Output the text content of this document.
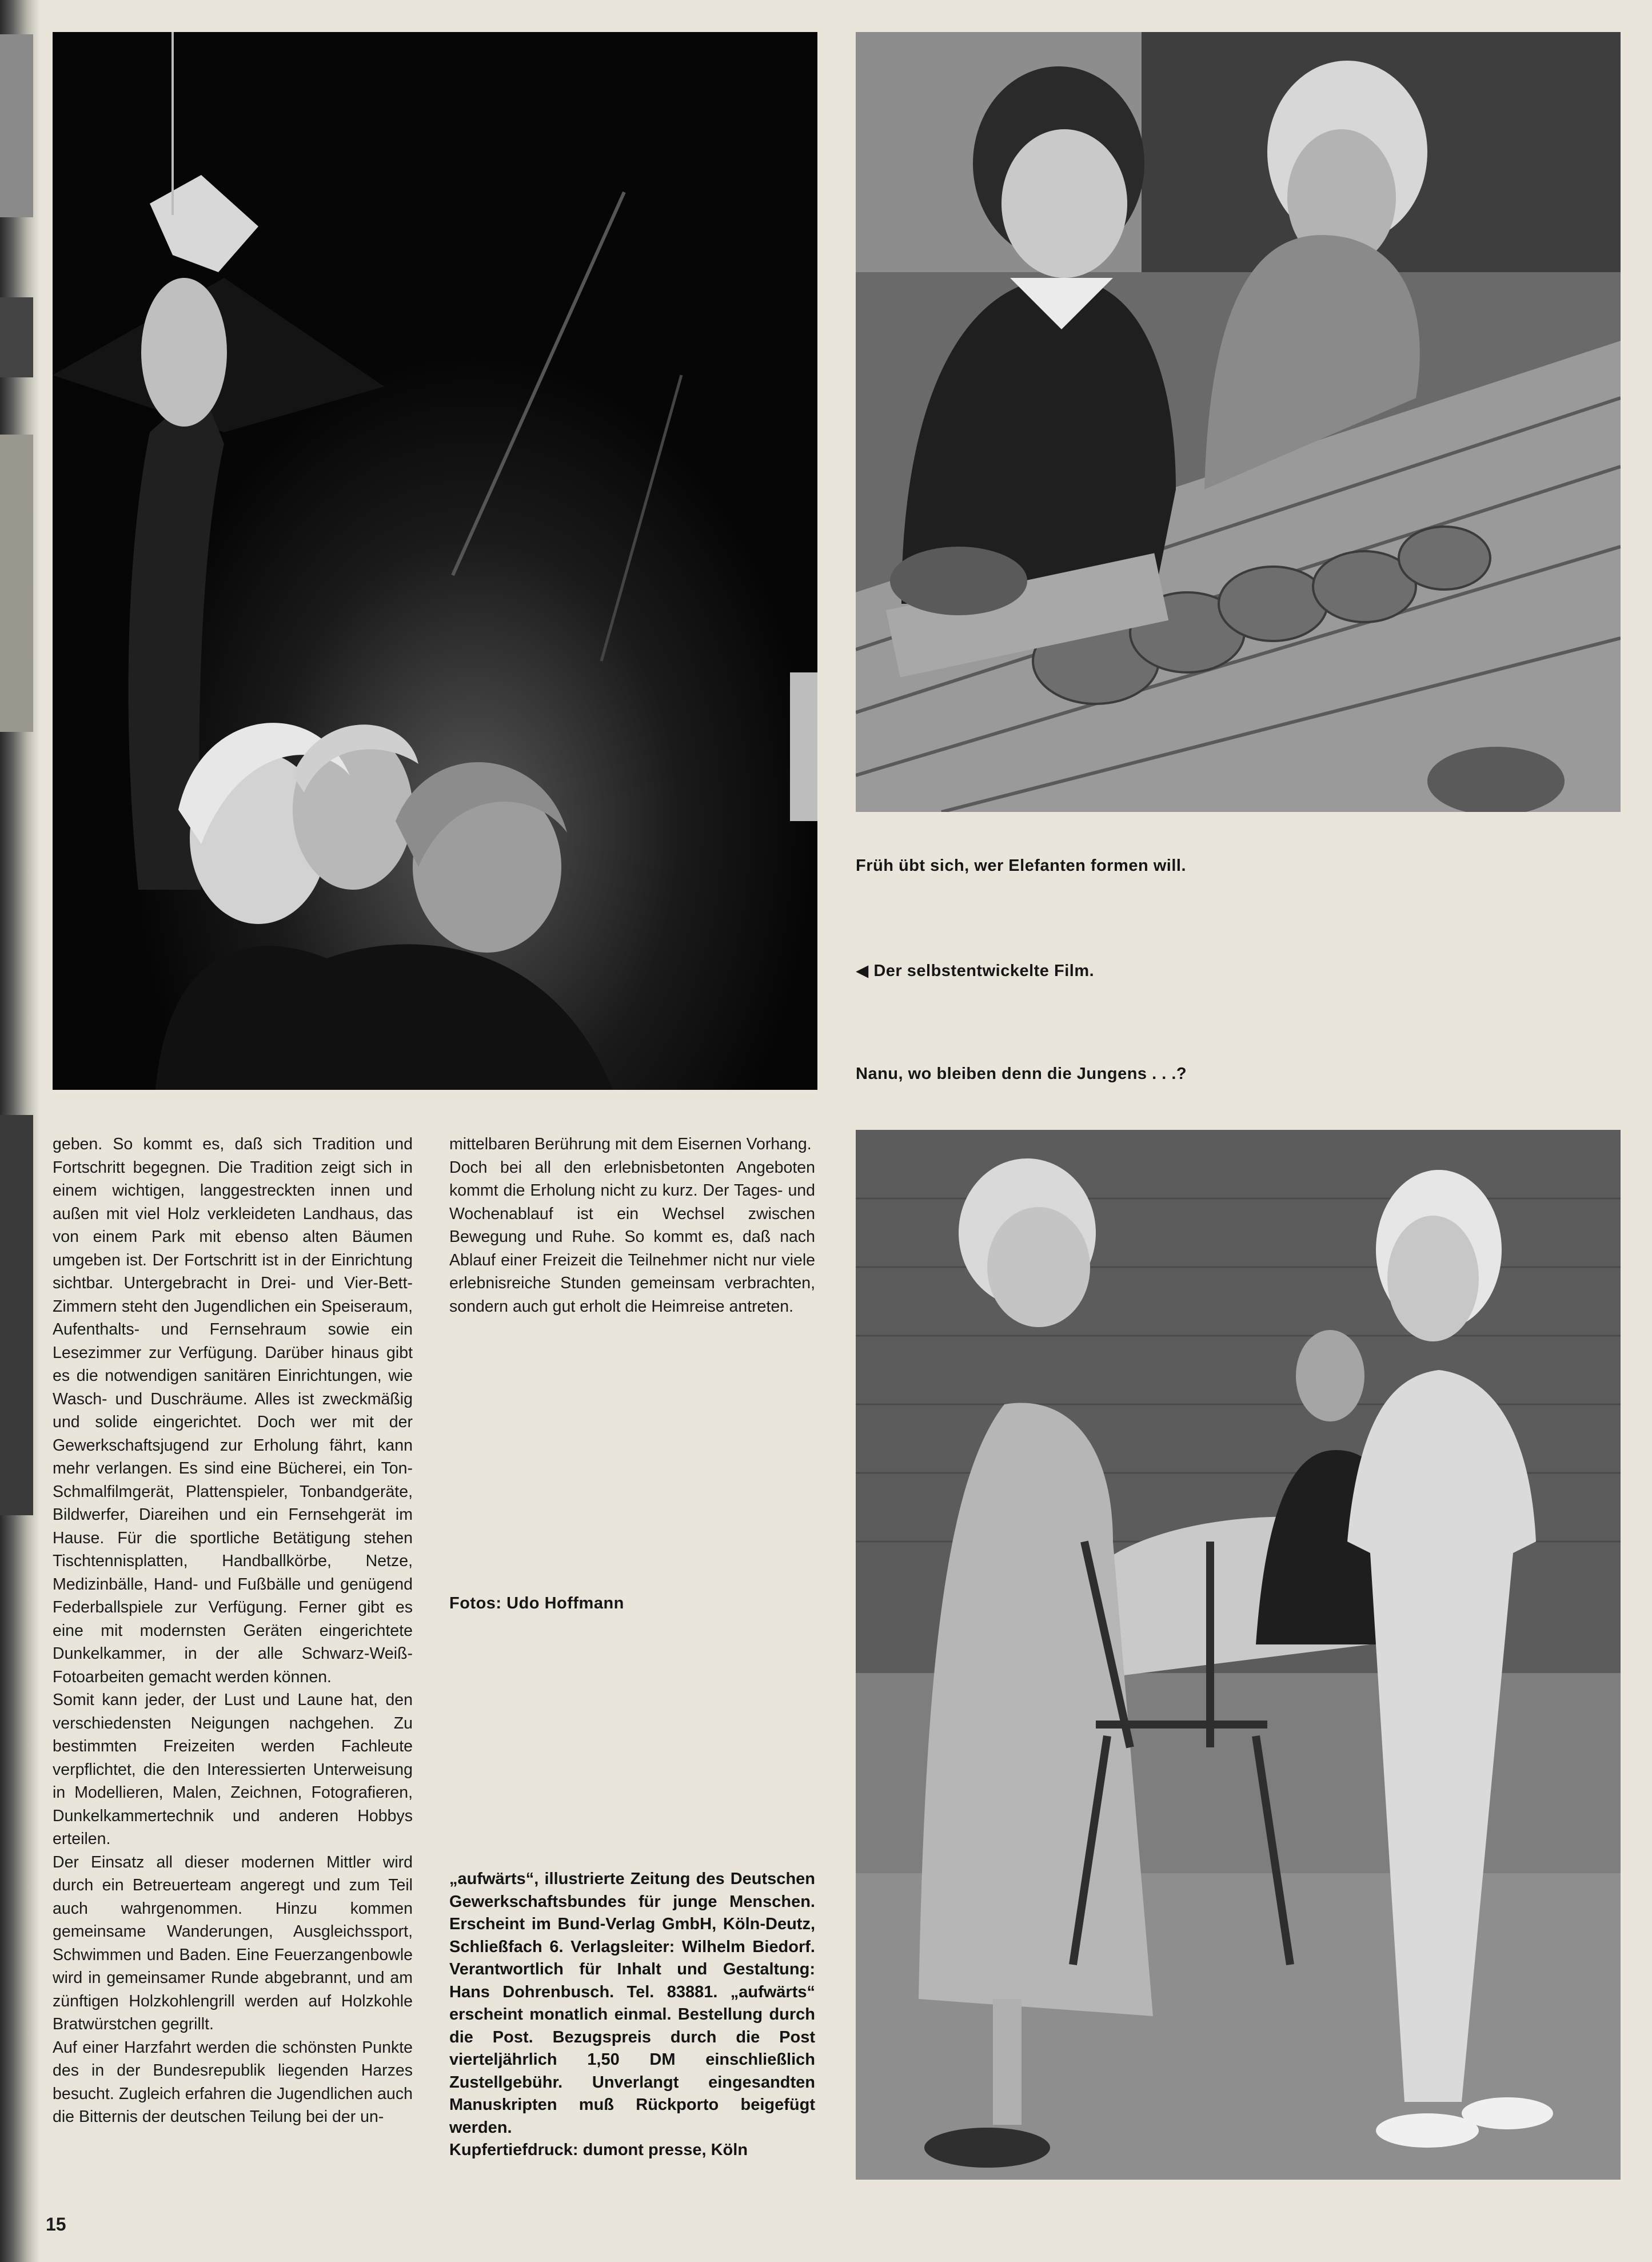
Früh übt sich, wer Elefanten formen will.
◀ Der selbstentwickelte Film.
Nanu, wo bleiben denn die Jungens . . .?

geben. So kommt es, daß sich Tradition und Fortschritt begegnen. Die Tradition zeigt sich in einem wichtigen, langgestreckten innen und außen mit viel Holz verkleideten Landhaus, das von einem Park mit ebenso alten Bäumen umgeben ist. Der Fortschritt ist in der Einrichtung sichtbar. Untergebracht in Drei- und Vier-Bett-Zimmern steht den Jugendlichen ein Speiseraum, Aufenthalts- und Fernsehraum sowie ein Lesezimmer zur Verfügung. Darüber hinaus gibt es die notwendigen sanitären Einrichtungen, wie Wasch- und Duschräume. Alles ist zweckmäßig und solide eingerichtet. Doch wer mit der Gewerkschaftsjugend zur Erholung fährt, kann mehr verlangen. Es sind eine Bücherei, ein Ton-Schmalfilmgerät, Plattenspieler, Tonbandgeräte, Bildwerfer, Diareihen und ein Fernsehgerät im Hause. Für die sportliche Betätigung stehen Tischtennisplatten, Handballkörbe, Netze, Medizinbälle, Hand- und Fußbälle und genügend Federballspiele zur Verfügung. Ferner gibt es eine mit modernsten Geräten eingerichtete Dunkelkammer, in der alle Schwarz-Weiß-Fotoarbeiten gemacht werden können.

Somit kann jeder, der Lust und Laune hat, den verschiedensten Neigungen nachgehen. Zu bestimmten Freizeiten werden Fachleute verpflichtet, die den Interessierten Unterweisung in Modellieren, Malen, Zeichnen, Fotografieren, Dunkelkammertechnik und anderen Hobbys erteilen.

Der Einsatz all dieser modernen Mittler wird durch ein Betreuerteam angeregt und zum Teil auch wahrgenommen. Hinzu kommen gemeinsame Wanderungen, Ausgleichssport, Schwimmen und Baden. Eine Feuerzangenbowle wird in gemeinsamer Runde abgebrannt, und am zünftigen Holzkohlengrill werden auf Holzkohle Bratwürstchen gegrillt.

Auf einer Harzfahrt werden die schönsten Punkte des in der Bundesrepublik liegenden Harzes besucht. Zugleich erfahren die Jugendlichen auch die Bitternis der deutschen Teilung bei der un-

mittelbaren Berührung mit dem Eisernen Vorhang.

Doch bei all den erlebnisbetonten Angeboten kommt die Erholung nicht zu kurz. Der Tages- und Wochenablauf ist ein Wechsel zwischen Bewegung und Ruhe. So kommt es, daß nach Ablauf einer Freizeit die Teilnehmer nicht nur viele erlebnisreiche Stunden gemeinsam verbrachten, sondern auch gut erholt die Heimreise antreten.

Fotos: Udo Hoffmann

„aufwärts“, illustrierte Zeitung des Deutschen Gewerkschaftsbundes für junge Menschen. Erscheint im Bund-Verlag GmbH, Köln-Deutz, Schließfach 6. Verlagsleiter: Wilhelm Biedorf. Verantwortlich für Inhalt und Gestaltung: Hans Dohrenbusch. Tel. 83881. „aufwärts“ erscheint monatlich einmal. Bestellung durch die Post. Bezugspreis durch die Post vierteljährlich 1,50 DM einschließlich Zustellgebühr. Unverlangt eingesandten Manuskripten muß Rückporto beigefügt werden.

Kupfertiefdruck: dumont presse, Köln

15
